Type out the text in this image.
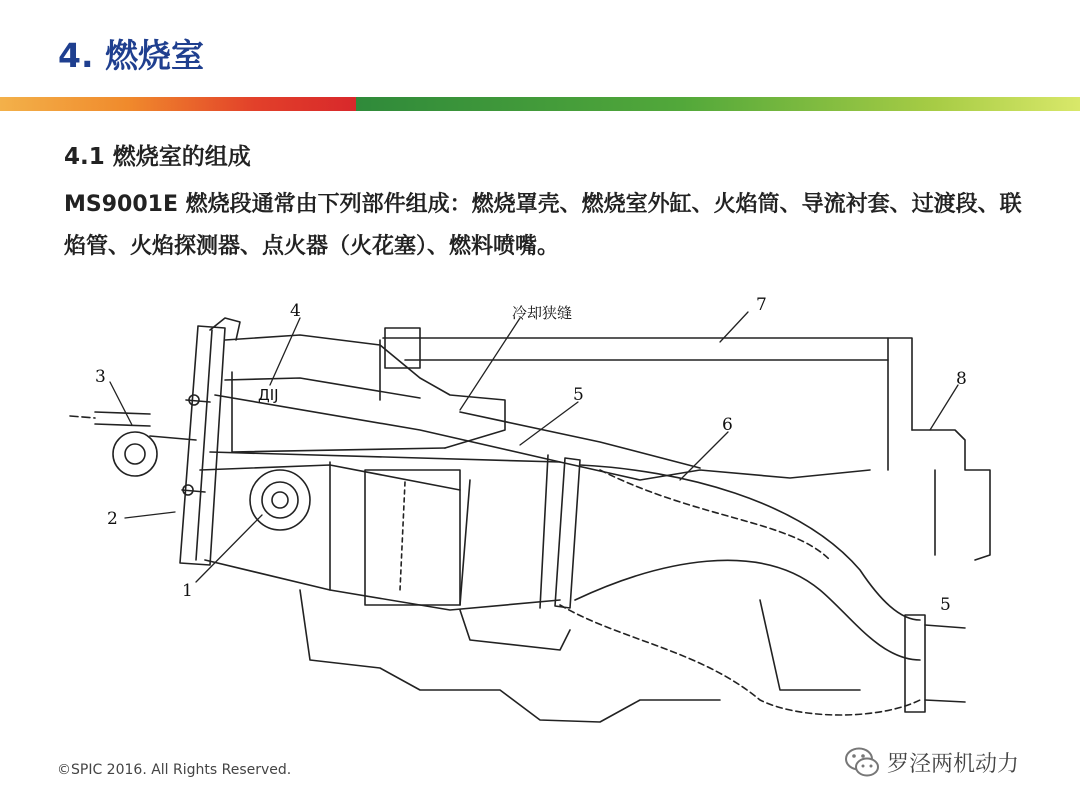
4. 燃烧室
4.1 燃烧室的组成
MS9001E 燃烧段通常由下列部件组成：燃烧罩壳、燃烧室外缸、火焰筒、导流衬套、过渡段、联焰管、火焰探测器、点火器（火花塞）、燃料喷嘴。
4	7
8
3
5
6
2
1
冷却狭缝
ДIJ
5
©SPIC 2016. All Rights Reserved.	罗泾两机动力
